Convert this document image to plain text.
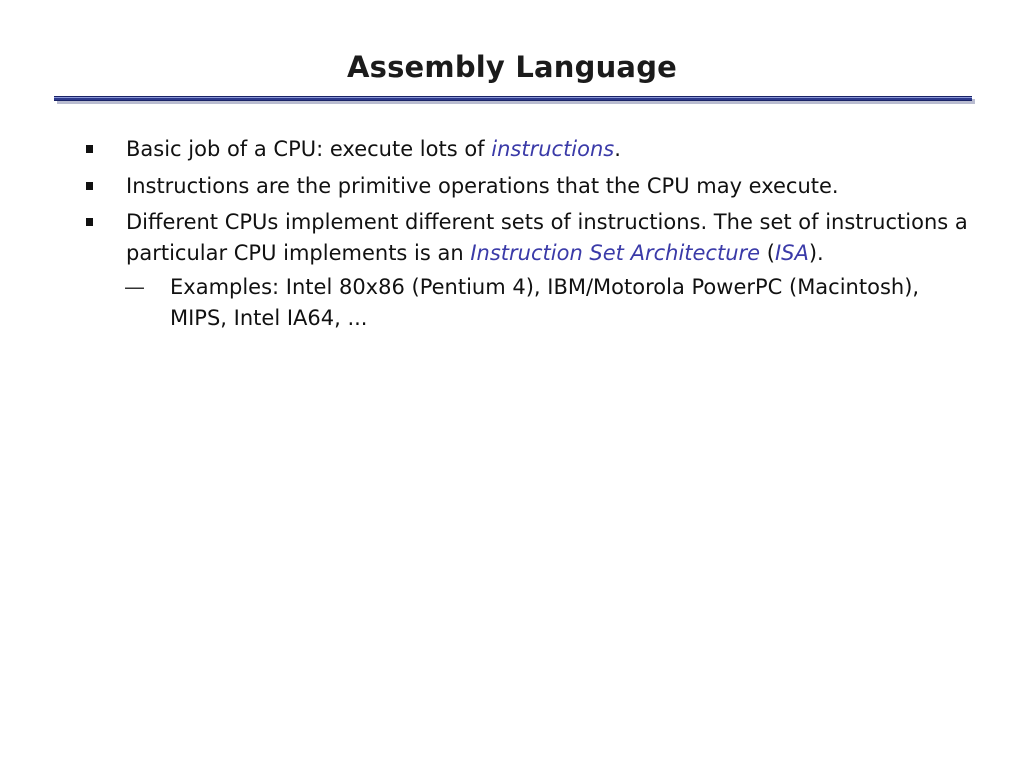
Assembly Language
Basic job of a CPU: execute lots of instructions.
Instructions are the primitive operations that the CPU may execute.
Different CPUs implement different sets of instructions. The set of instructions a particular CPU implements is an Instruction Set Architecture (ISA).
— Examples: Intel 80x86 (Pentium 4), IBM/Motorola PowerPC (Macintosh), MIPS, Intel IA64, ...
